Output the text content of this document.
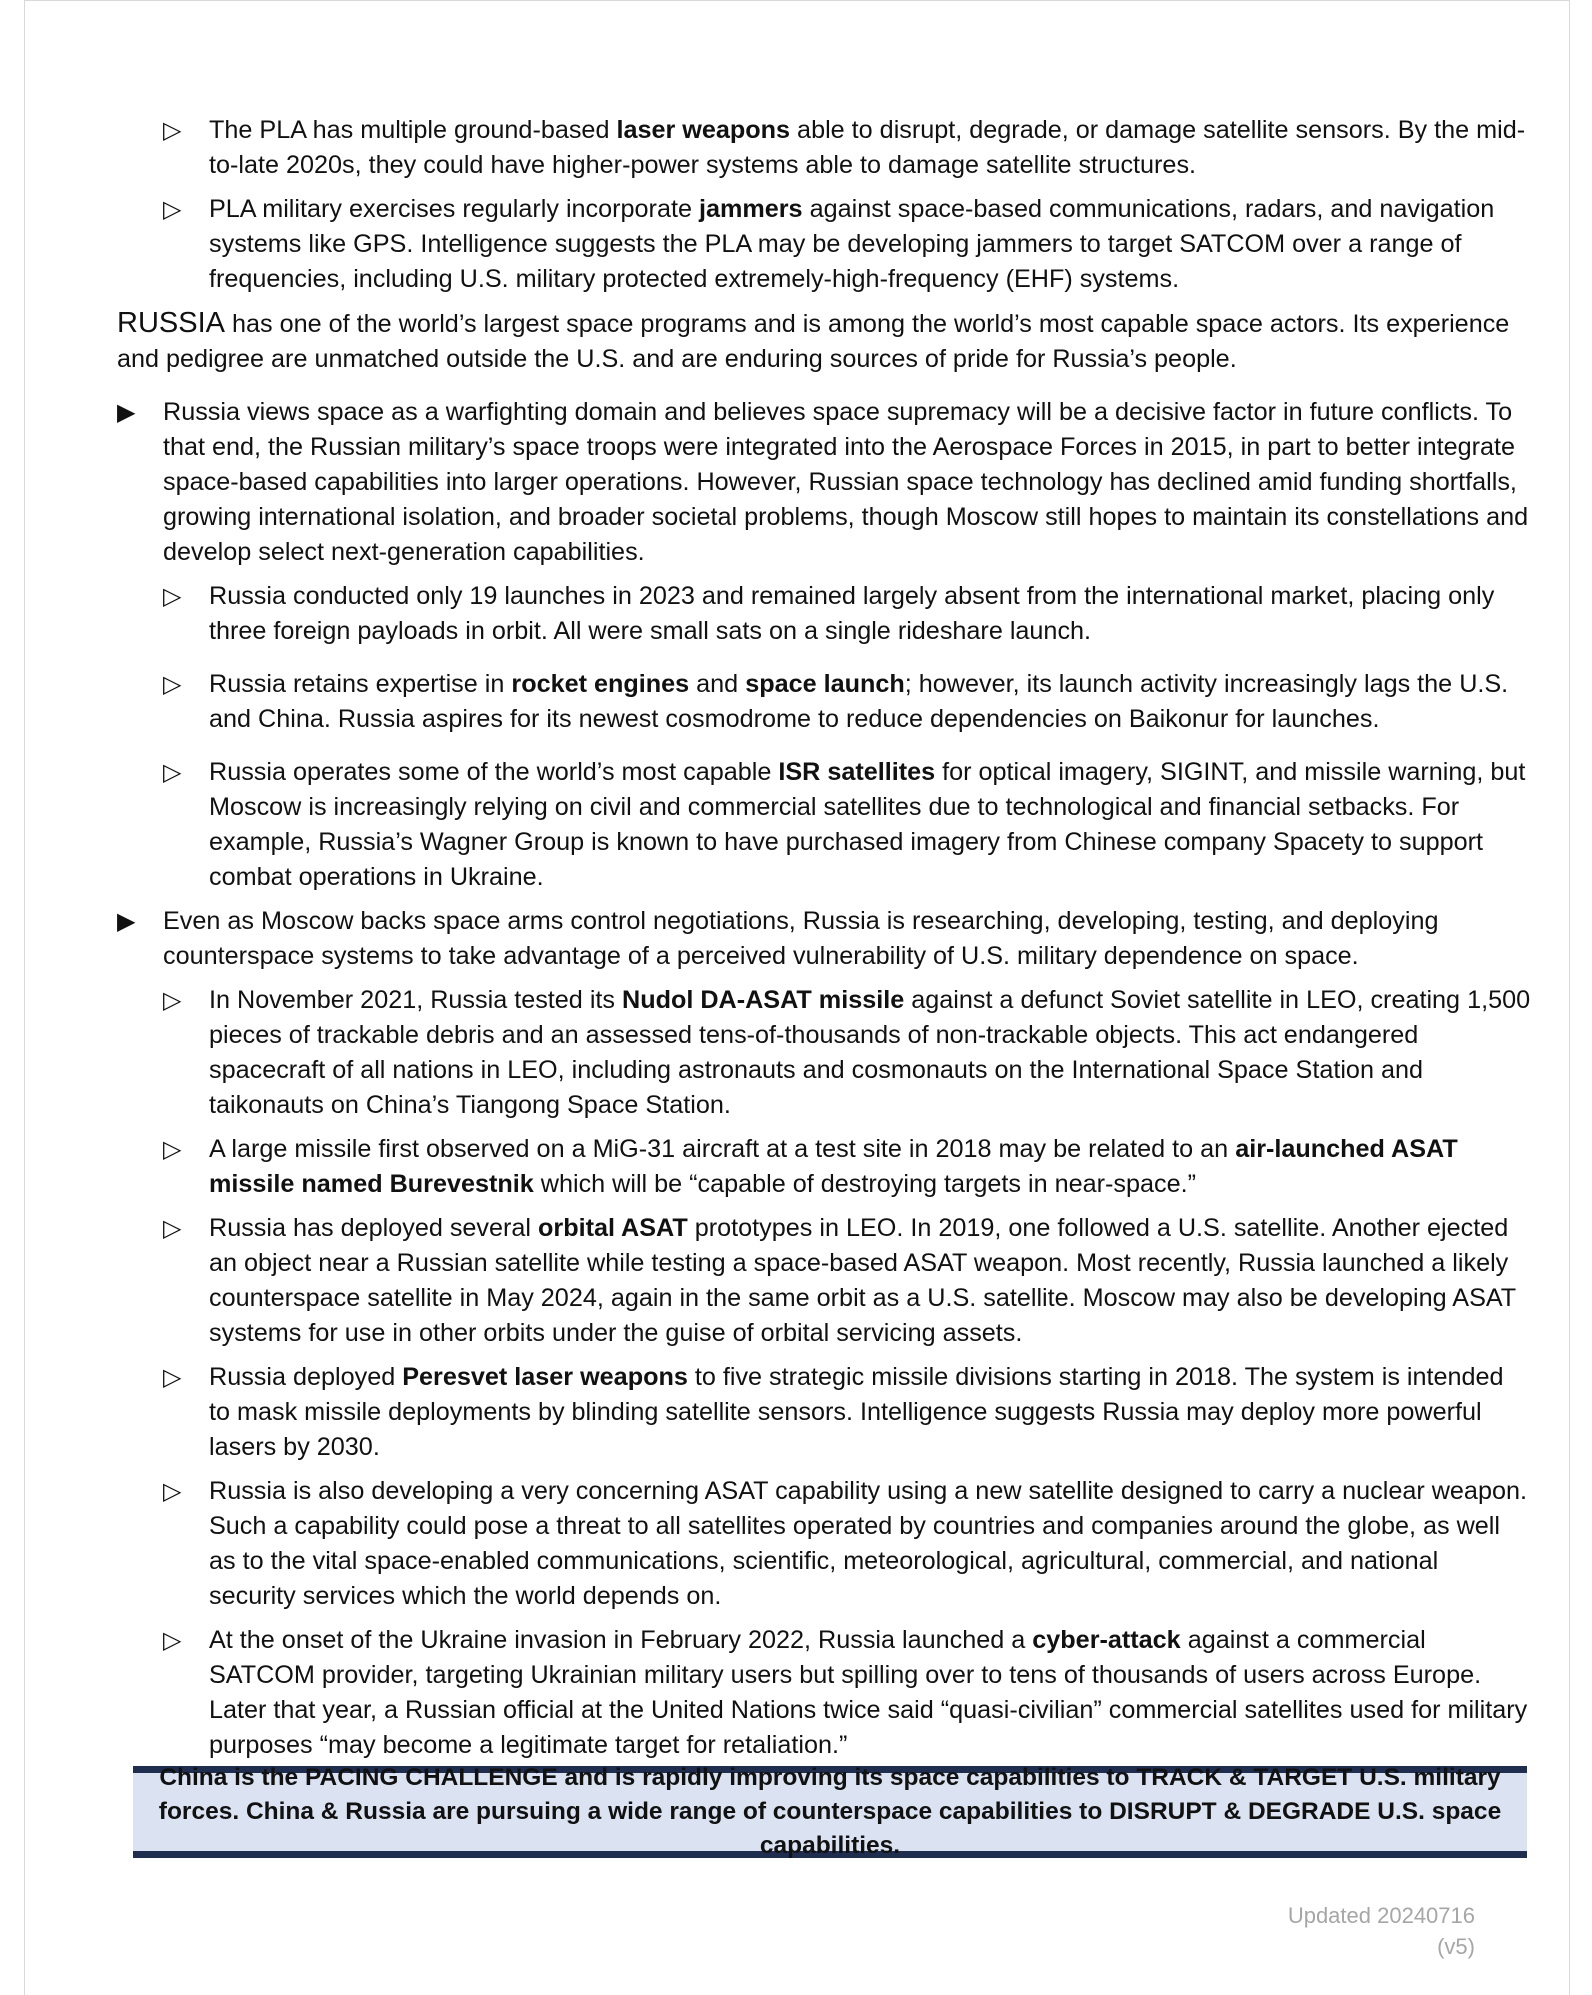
▷	The PLA has multiple ground-based laser weapons able to disrupt, degrade, or damage satellite sensors. By the mid-to-late 2020s, they could have higher-power systems able to damage satellite structures.
▷	PLA military exercises regularly incorporate jammers against space-based communications, radars, and navigation systems like GPS. Intelligence suggests the PLA may be developing jammers to target SATCOM over a range of frequencies, including U.S. military protected extremely-high-frequency (EHF) systems.

RUSSIA has one of the world’s largest space programs and is among the world’s most capable space actors. Its experience and pedigree are unmatched outside the U.S. and are enduring sources of pride for Russia’s people.

▶	Russia views space as a warfighting domain and believes space supremacy will be a decisive factor in future conflicts. To that end, the Russian military’s space troops were integrated into the Aerospace Forces in 2015, in part to better integrate space-based capabilities into larger operations. However, Russian space technology has declined amid funding shortfalls, growing international isolation, and broader societal problems, though Moscow still hopes to maintain its constellations and develop select next-generation capabilities.
▷	Russia conducted only 19 launches in 2023 and remained largely absent from the international market, placing only three foreign payloads in orbit. All were small sats on a single rideshare launch.
▷	Russia retains expertise in rocket engines and space launch; however, its launch activity increasingly lags the U.S. and China. Russia aspires for its newest cosmodrome to reduce dependencies on Baikonur for launches.
▷	Russia operates some of the world’s most capable ISR satellites for optical imagery, SIGINT, and missile warning, but Moscow is increasingly relying on civil and commercial satellites due to technological and financial setbacks. For example, Russia’s Wagner Group is known to have purchased imagery from Chinese company Spacety to support combat operations in Ukraine.
▶	Even as Moscow backs space arms control negotiations, Russia is researching, developing, testing, and deploying counterspace systems to take advantage of a perceived vulnerability of U.S. military dependence on space.
▷	In November 2021, Russia tested its Nudol DA-ASAT missile against a defunct Soviet satellite in LEO, creating 1,500 pieces of trackable debris and an assessed tens-of-thousands of non-trackable objects. This act endangered spacecraft of all nations in LEO, including astronauts and cosmonauts on the International Space Station and taikonauts on China’s Tiangong Space Station.
▷	A large missile first observed on a MiG-31 aircraft at a test site in 2018 may be related to an air-launched ASAT missile named Burevestnik which will be “capable of destroying targets in near-space.”
▷	Russia has deployed several orbital ASAT prototypes in LEO. In 2019, one followed a U.S. satellite. Another ejected an object near a Russian satellite while testing a space-based ASAT weapon. Most recently, Russia launched a likely counterspace satellite in May 2024, again in the same orbit as a U.S. satellite. Moscow may also be developing ASAT systems for use in other orbits under the guise of orbital servicing assets.
▷	Russia deployed Peresvet laser weapons to five strategic missile divisions starting in 2018. The system is intended to mask missile deployments by blinding satellite sensors. Intelligence suggests Russia may deploy more powerful lasers by 2030.
▷	Russia is also developing a very concerning ASAT capability using a new satellite designed to carry a nuclear weapon. Such a capability could pose a threat to all satellites operated by countries and companies around the globe, as well as to the vital space-enabled communications, scientific, meteorological, agricultural, commercial, and national security services which the world depends on.
▷	At the onset of the Ukraine invasion in February 2022, Russia launched a cyber-attack against a commercial SATCOM provider, targeting Ukrainian military users but spilling over to tens of thousands of users across Europe. Later that year, a Russian official at the United Nations twice said “quasi-civilian” commercial satellites used for military purposes “may become a legitimate target for retaliation.”
China is the PACING CHALLENGE and is rapidly improving its space capabilities to TRACK & TARGET U.S. military forces. China & Russia are pursuing a wide range of counterspace capabilities to DISRUPT & DEGRADE U.S. space capabilities.
Updated 20240716
(v5)
